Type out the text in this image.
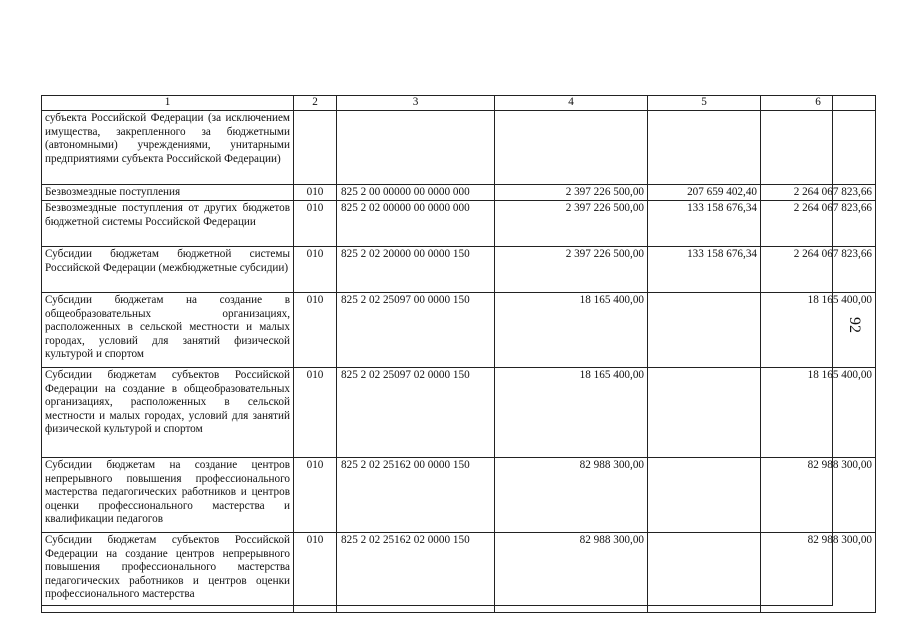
1	2	3	4	5	6
субъекта Российской Федерации (за исключением имущества, закрепленного за бюджетными (автономными) учреждениями, унитарными предприятиями субъекта Российской Федерации)					
Безвозмездные поступления	010	825 2 00 00000 00 0000 000	2 397 226 500,00	207 659 402,40	2 264 067 823,66
Безвозмездные поступления от других бюджетов бюджетной системы Российской Федерации	010	825 2 02 00000 00 0000 000	2 397 226 500,00	133 158 676,34	2 264 067 823,66
Субсидии бюджетам бюджетной системы Российской Федерации (межбюджетные субсидии)	010	825 2 02 20000 00 0000 150	2 397 226 500,00	133 158 676,34	2 264 067 823,66
Субсидии бюджетам на создание в общеобразовательных организациях, расположенных в сельской местности и малых городах, условий для занятий физической культурой и спортом	010	825 2 02 25097 00 0000 150	18 165 400,00		18 165 400,00
Субсидии бюджетам субъектов Российской Федерации на создание в общеобразовательных организациях, расположенных в сельской местности и малых городах, условий для занятий физической культурой и спортом	010	825 2 02 25097 02 0000 150	18 165 400,00		18 165 400,00
Субсидии бюджетам на создание центров непрерывного повышения профессионального мастерства педагогических работников и центров оценки профессионального мастерства и квалификации педагогов	010	825 2 02 25162 00 0000 150	82 988 300,00		82 988 300,00
Субсидии бюджетам субъектов Российской Федерации на создание центров непрерывного повышения профессионального мастерства педагогических работников и центров оценки профессионального мастерства	010	825 2 02 25162 02 0000 150	82 988 300,00		82 988 300,00
92
